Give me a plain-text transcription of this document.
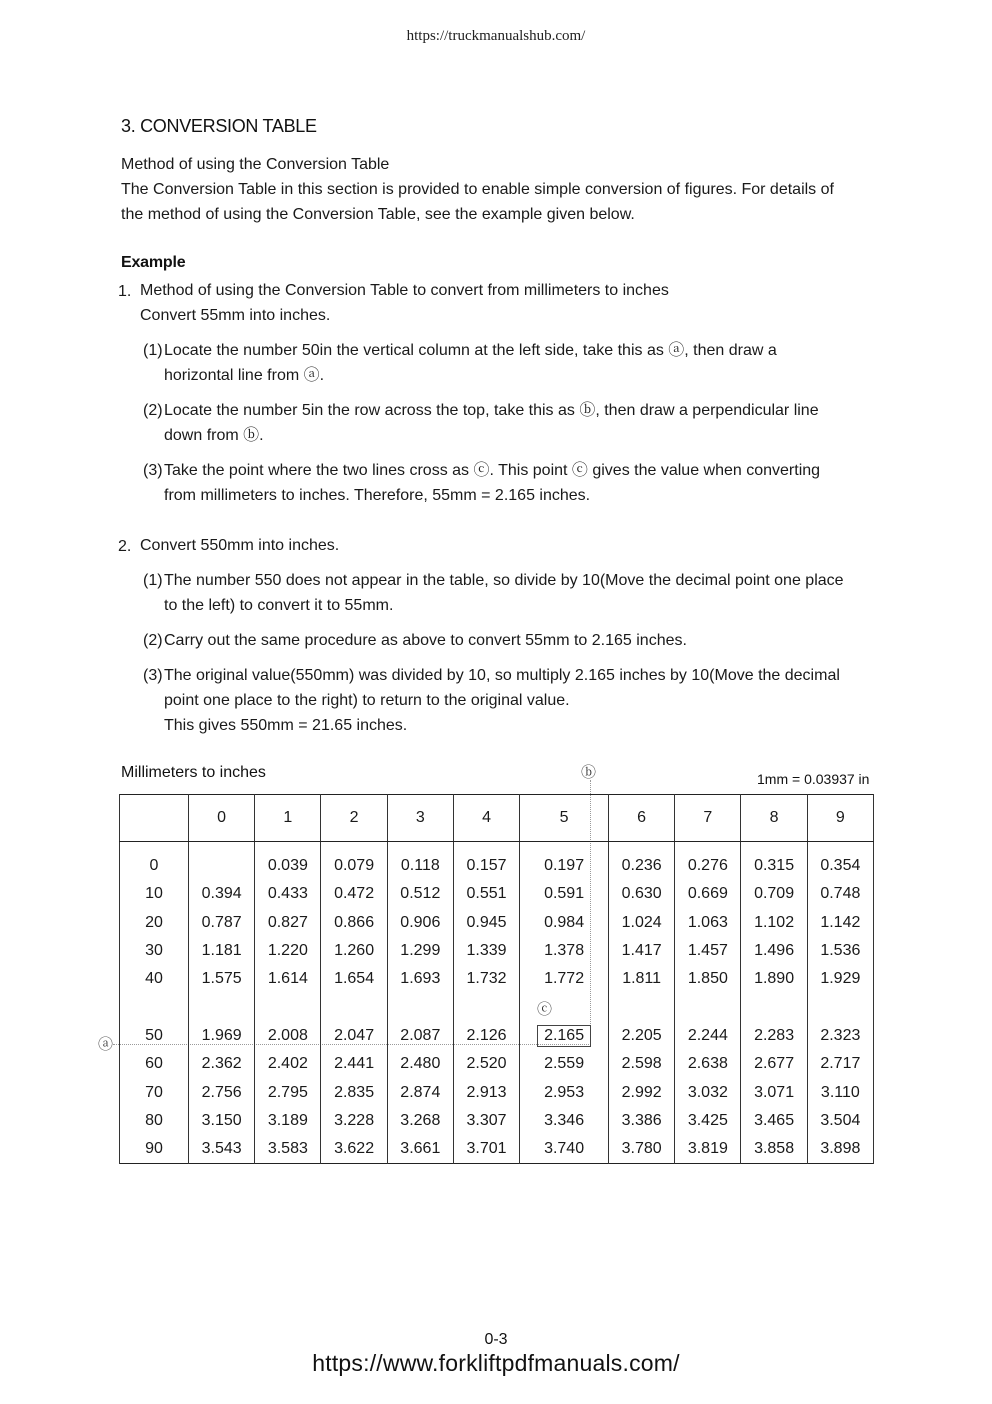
https://truckmanualshub.com/
3. CONVERSION TABLE
Method of using the Conversion Table
The Conversion Table in this section is provided to enable simple conversion of figures. For details of
the method of using the Conversion Table, see the example given below.
Example
1. Method of using the Conversion Table to convert from millimeters to inches
Convert 55mm into inches.
(1) Locate the number 50in the vertical column at the left side, take this as ⓐ, then draw a
horizontal line from ⓐ.
(2) Locate the number 5in the row across the top, take this as ⓑ, then draw a perpendicular line
down from ⓑ.
(3) Take the point where the two lines cross as ⓒ. This point ⓒ gives the value when converting
from millimeters to inches. Therefore, 55mm = 2.165 inches.
2. Convert 550mm into inches.
(1) The number 550 does not appear in the table, so divide by 10(Move the decimal point one place
to the left) to convert it to 55mm.
(2) Carry out the same procedure as above to convert 55mm to 2.165 inches.
(3) The original value(550mm) was divided by 10, so multiply 2.165 inches by 10(Move the decimal
point one place to the right) to return to the original value.
This gives 550mm = 21.65 inches.
Millimeters to inches	1mm = 0.03937 in
ⓑ
ⓐ
ⓒ
	0	1	2	3	4	5	6	7	8	9
0		0.039	0.079	0.118	0.157	0.197	0.236	0.276	0.315	0.354
10	0.394	0.433	0.472	0.512	0.551	0.591	0.630	0.669	0.709	0.748
20	0.787	0.827	0.866	0.906	0.945	0.984	1.024	1.063	1.102	1.142
30	1.181	1.220	1.260	1.299	1.339	1.378	1.417	1.457	1.496	1.536
40	1.575	1.614	1.654	1.693	1.732	1.772	1.811	1.850	1.890	1.929

50	1.969	2.008	2.047	2.087	2.126	2.165	2.205	2.244	2.283	2.323
60	2.362	2.402	2.441	2.480	2.520	2.559	2.598	2.638	2.677	2.717
70	2.756	2.795	2.835	2.874	2.913	2.953	2.992	3.032	3.071	3.110
80	3.150	3.189	3.228	3.268	3.307	3.346	3.386	3.425	3.465	3.504
90	3.543	3.583	3.622	3.661	3.701	3.740	3.780	3.819	3.858	3.898
0-3
https://www.forkliftpdfmanuals.com/
